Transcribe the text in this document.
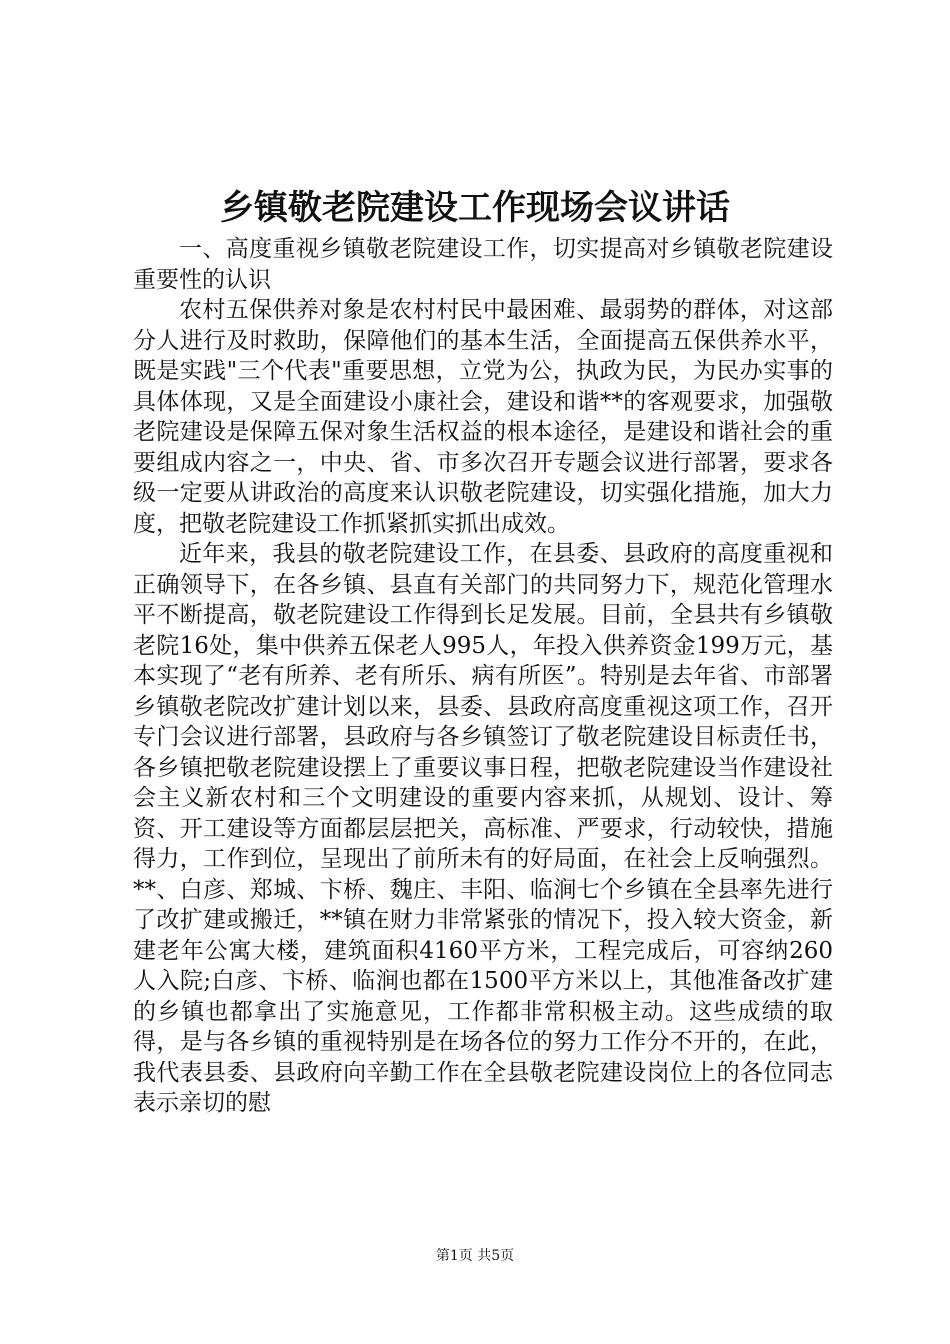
乡镇敬老院建设工作现场会议讲话

一、高度重视乡镇敬老院建设工作，切实提高对乡镇敬老院建设重要性的认识

农村五保供养对象是农村村民中最困难、最弱势的群体，对这部分人进行及时救助，保障他们的基本生活，全面提高五保供养水平，既是实践"三个代表"重要思想，立党为公，执政为民，为民办实事的具体体现，又是全面建设小康社会，建设和谐**的客观要求，加强敬老院建设是保障五保对象生活权益的根本途径，是建设和谐社会的重要组成内容之一，中央、省、市多次召开专题会议进行部署，要求各级一定要从讲政治的高度来认识敬老院建设，切实强化措施，加大力度，把敬老院建设工作抓紧抓实抓出成效。

近年来，我县的敬老院建设工作，在县委、县政府的高度重视和正确领导下，在各乡镇、县直有关部门的共同努力下，规范化管理水平不断提高，敬老院建设工作得到长足发展。目前，全县共有乡镇敬老院16处，集中供养五保老人995人，年投入供养资金199万元，基本实现了“老有所养、老有所乐、病有所医”。特别是去年省、市部署乡镇敬老院改扩建计划以来，县委、县政府高度重视这项工作，召开专门会议进行部署，县政府与各乡镇签订了敬老院建设目标责任书，各乡镇把敬老院建设摆上了重要议事日程，把敬老院建设当作建设社会主义新农村和三个文明建设的重要内容来抓，从规划、设计、筹资、开工建设等方面都层层把关，高标准、严要求，行动较快，措施得力，工作到位，呈现出了前所未有的好局面，在社会上反响强烈。**、白彦、郑城、卞桥、魏庄、丰阳、临涧七个乡镇在全县率先进行了改扩建或搬迁，**镇在财力非常紧张的情况下，投入较大资金，新建老年公寓大楼，建筑面积4160平方米，工程完成后，可容纳260人入院;白彦、卞桥、临涧也都在1500平方米以上，其他准备改扩建的乡镇也都拿出了实施意见，工作都非常积极主动。这些成绩的取得，是与各乡镇的重视特别是在场各位的努力工作分不开的，在此，我代表县委、县政府向辛勤工作在全县敬老院建设岗位上的各位同志表示亲切的慰

第1页 共5页
